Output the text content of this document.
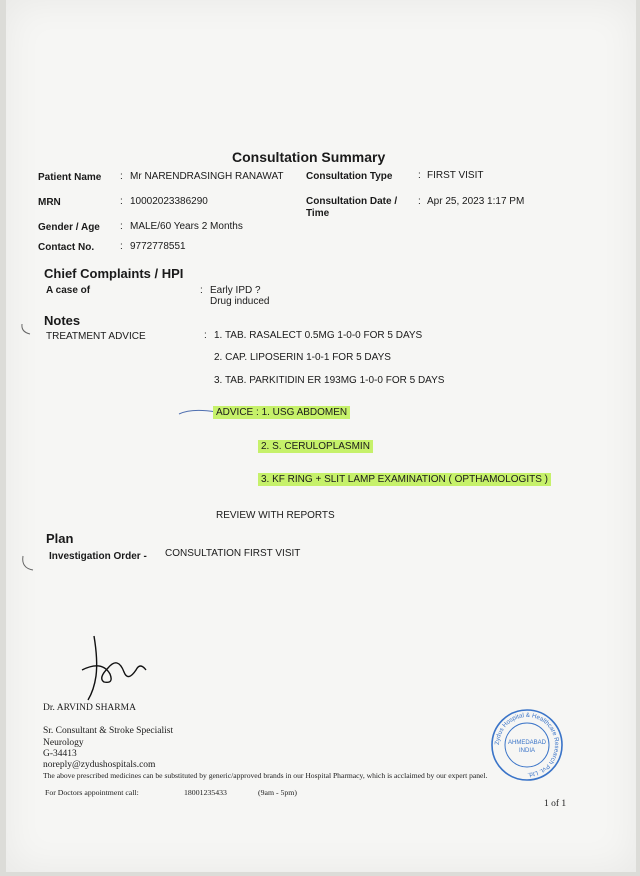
Consultation Summary
Patient Name : Mr NARENDRASINGH RANAWAT
MRN	: 10002023386290
Gender / Age : MALE/60 Years 2 Months
Contact No.	: 9772778551
Consultation Type	: FIRST VISIT
Consultation Date /
Time
: Apr 25, 2023 1:17 PM
Chief Complaints / HPI
A case of	: Early IPD ?
Drug induced
Notes
TREATMENT ADVICE	: 1. TAB. RASALECT 0.5MG 1-0-0 FOR 5 DAYS
2. CAP. LIPOSERIN 1-0-1 FOR 5 DAYS
3. TAB. PARKITIDIN ER 193MG 1-0-0 FOR 5 DAYS
ADVICE : 1. USG ABDOMEN
2. S. CERULOPLASMIN
3. KF RING + SLIT LAMP EXAMINATION ( OPTHAMOLOGITS )
REVIEW WITH REPORTS
Plan
Investigation Order - CONSULTATION FIRST VISIT
Dr. ARVIND SHARMA
Sr. Consultant & Stroke Specialist
Neurology
G-34413
noreply@zydushospitals.com
Zydus Hospital & Healthcare Research Pvt. Ltd.
AHMEDABAD
INDIA
The above prescribed medicines can be substituted by generic/approved brands in our Hospital Pharmacy, which is acclaimed by our expert panel.
For Doctors appointment call:	18001235433	(9am - 5pm)
1 of 1
